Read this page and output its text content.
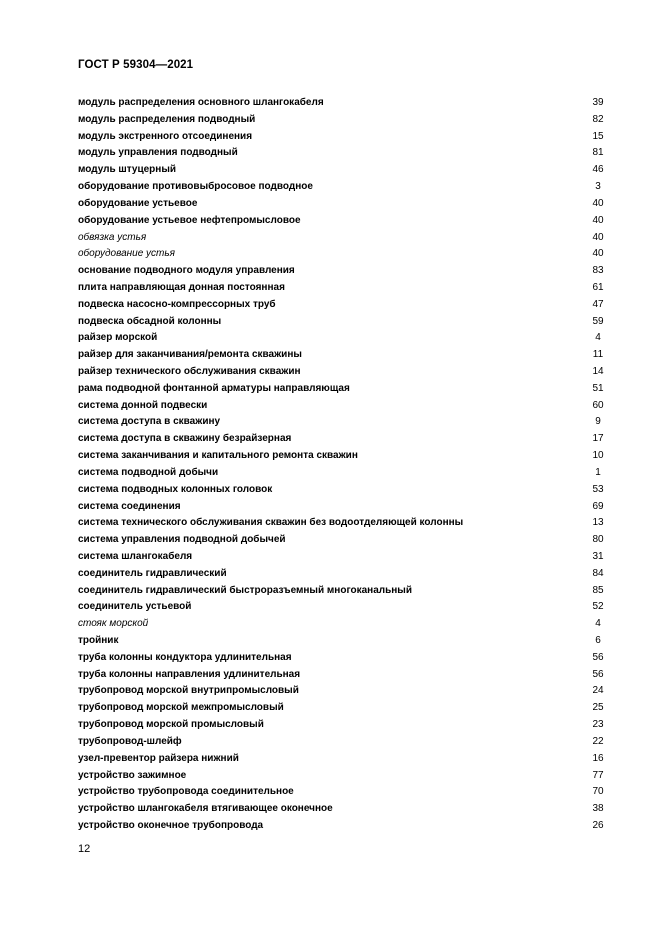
ГОСТ Р 59304—2021
модуль распределения основного шлангокабеля	39
модуль распределения подводный	82
модуль экстренного отсоединения	15
модуль управления подводный	81
модуль штуцерный	46
оборудование противовыбросовое подводное	3
оборудование устьевое	40
оборудование устьевое нефтепромысловое	40
обвязка устья	40
оборудование устья	40
основание подводного модуля управления	83
плита направляющая донная постоянная	61
подвеска насосно-компрессорных труб	47
подвеска обсадной колонны	59
райзер морской	4
райзер для заканчивания/ремонта скважины	11
райзер технического обслуживания скважин	14
рама подводной фонтанной арматуры направляющая	51
система донной подвески	60
система доступа в скважину	9
система доступа в скважину безрайзерная	17
система заканчивания и капитального ремонта скважин	10
система подводной добычи	1
система подводных колонных головок	53
система соединения	69
система технического обслуживания скважин без водоотделяющей колонны	13
система управления подводной добычей	80
система шлангокабеля	31
соединитель гидравлический	84
соединитель гидравлический быстроразъемный многоканальный	85
соединитель устьевой	52
стояк морской	4
тройник	6
труба колонны кондуктора удлинительная	56
труба колонны направления удлинительная	56
трубопровод морской внутрипромысловый	24
трубопровод морской межпромысловый	25
трубопровод морской промысловый	23
трубопровод-шлейф	22
узел-превентор райзера нижний	16
устройство зажимное	77
устройство трубопровода соединительное	70
устройство шлангокабеля втягивающее оконечное	38
устройство оконечное трубопровода	26
12
